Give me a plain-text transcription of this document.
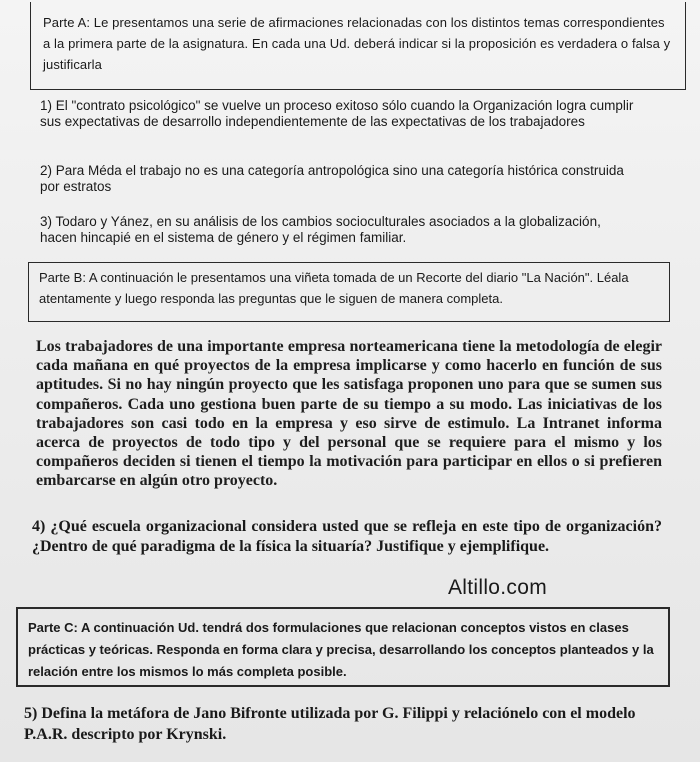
Parte A: Le presentamos una serie de afirmaciones relacionadas con los distintos temas correspondientes a la primera parte de la asignatura. En cada una Ud. deberá indicar si la proposición es verdadera o falsa y justificarla

1) El "contrato psicológico" se vuelve un proceso exitoso sólo cuando la Organización logra cumplir sus expectativas de desarrollo independientemente de las expectativas de los trabajadores

2) Para Méda el trabajo no es una categoría antropológica sino una categoría histórica construida por estratos

3) Todaro y Yánez, en su análisis de los cambios socioculturales asociados a la globalización, hacen hincapié en el sistema de género y el régimen familiar.

Parte B: A continuación le presentamos una viñeta tomada de un Recorte del diario "La Nación". Léala atentamente y luego responda las preguntas que le siguen de manera completa.

Los trabajadores de una importante empresa norteamericana tiene la metodología de elegir cada mañana en qué proyectos de la empresa implicarse y como hacerlo en función de sus aptitudes. Si no hay ningún proyecto que les satisfaga proponen uno para que se sumen sus compañeros. Cada uno gestiona buen parte de su tiempo a su modo. Las iniciativas de los trabajadores son casi todo en la empresa y eso sirve de estimulo. La Intranet informa acerca de proyectos de todo tipo y del personal que se requiere para el mismo y los compañeros deciden si tienen el tiempo la motivación para participar en ellos o si prefieren embarcarse en algún otro proyecto.

4) ¿Qué escuela organizacional considera usted que se refleja en este tipo de organización? ¿Dentro de qué paradigma de la física la situaría? Justifique y ejemplifique.

Altillo.com

Parte C: A continuación Ud. tendrá dos formulaciones que relacionan conceptos vistos en clases prácticas y teóricas. Responda en forma clara y precisa, desarrollando los conceptos planteados y la relación entre los mismos lo más completa posible.

5) Defina la metáfora de Jano Bifronte utilizada por G. Filippi y relaciónelo con el modelo P.A.R. descripto por Krynski.
